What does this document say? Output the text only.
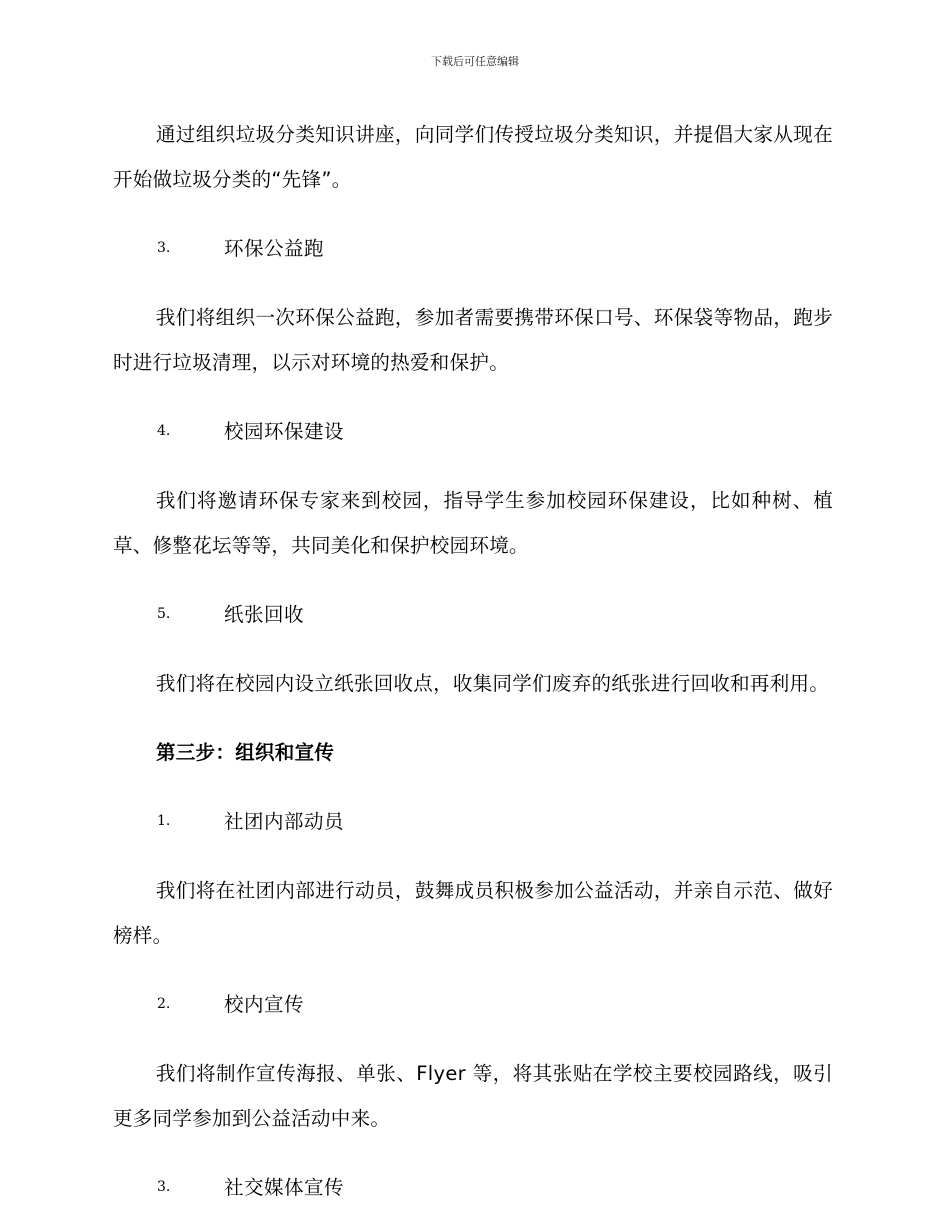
下载后可任意编辑

通过组织垃圾分类知识讲座，向同学们传授垃圾分类知识，并提倡大家从现在开始做垃圾分类的“先锋”。

3.	环保公益跑

我们将组织一次环保公益跑，参加者需要携带环保口号、环保袋等物品，跑步时进行垃圾清理，以示对环境的热爱和保护。

4.	校园环保建设

我们将邀请环保专家来到校园，指导学生参加校园环保建设，比如种树、植草、修整花坛等等，共同美化和保护校园环境。

5.	纸张回收

我们将在校园内设立纸张回收点，收集同学们废弃的纸张进行回收和再利用。

第三步：组织和宣传

1.	社团内部动员

我们将在社团内部进行动员，鼓舞成员积极参加公益活动，并亲自示范、做好榜样。

2.	校内宣传

我们将制作宣传海报、单张、Flyer 等，将其张贴在学校主要校园路线，吸引更多同学参加到公益活动中来。

3.	社交媒体宣传
